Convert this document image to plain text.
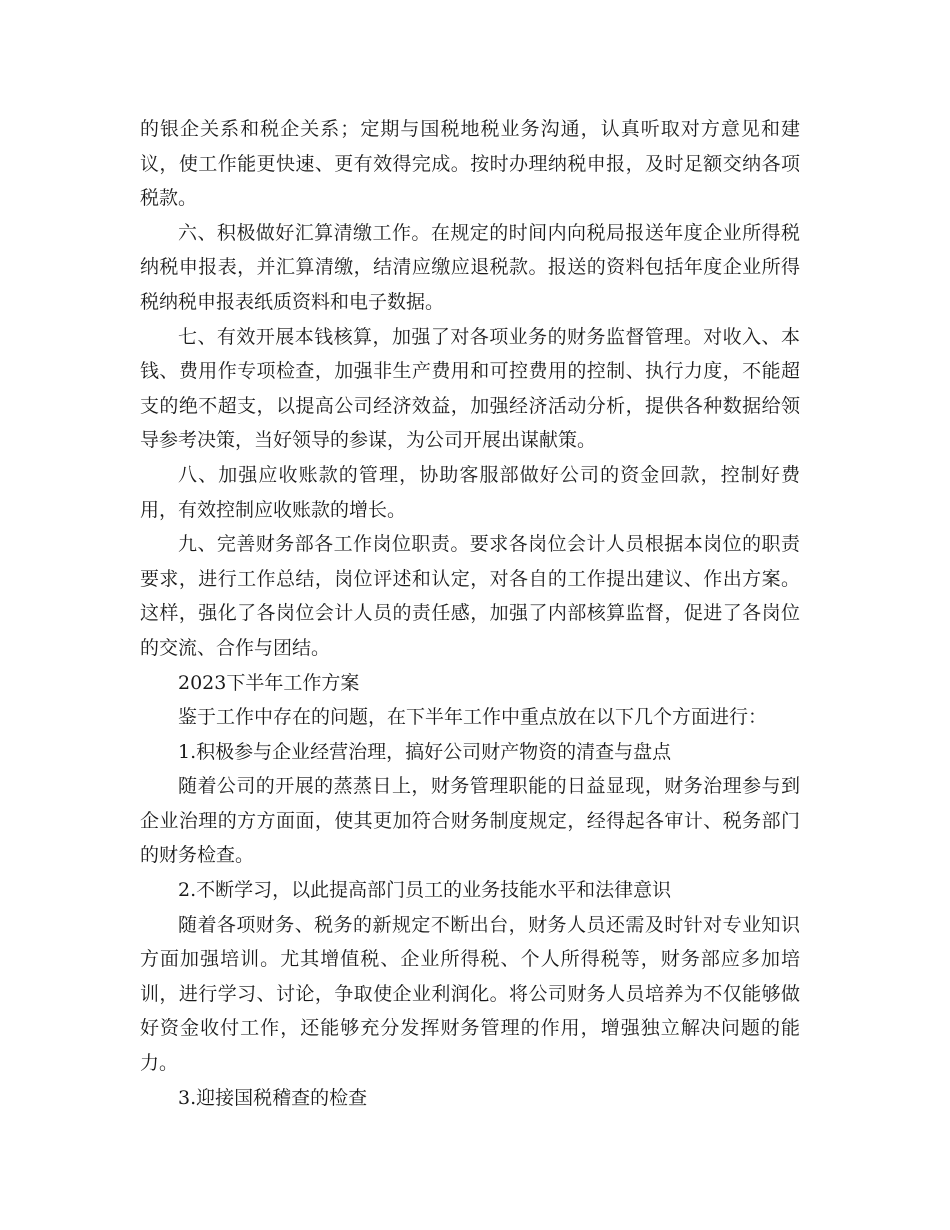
的银企关系和税企关系；定期与国税地税业务沟通，认真听取对方意见和建议，使工作能更快速、更有效得完成。按时办理纳税申报，及时足额交纳各项税款。

六、积极做好汇算清缴工作。在规定的时间内向税局报送年度企业所得税纳税申报表，并汇算清缴，结清应缴应退税款。报送的资料包括年度企业所得税纳税申报表纸质资料和电子数据。

七、有效开展本钱核算，加强了对各项业务的财务监督管理。对收入、本钱、费用作专项检查，加强非生产费用和可控费用的控制、执行力度，不能超支的绝不超支，以提高公司经济效益，加强经济活动分析，提供各种数据给领导参考决策，当好领导的参谋，为公司开展出谋献策。

八、加强应收账款的管理，协助客服部做好公司的资金回款，控制好费用，有效控制应收账款的增长。

九、完善财务部各工作岗位职责。要求各岗位会计人员根据本岗位的职责要求，进行工作总结，岗位评述和认定，对各自的工作提出建议、作出方案。这样，强化了各岗位会计人员的责任感，加强了内部核算监督，促进了各岗位的交流、合作与团结。

2023下半年工作方案

鉴于工作中存在的问题，在下半年工作中重点放在以下几个方面进行：

1.积极参与企业经营治理，搞好公司财产物资的清查与盘点

随着公司的开展的蒸蒸日上，财务管理职能的日益显现，财务治理参与到企业治理的方方面面，使其更加符合财务制度规定，经得起各审计、税务部门的财务检查。

2.不断学习，以此提高部门员工的业务技能水平和法律意识

随着各项财务、税务的新规定不断出台，财务人员还需及时针对专业知识方面加强培训。尤其增值税、企业所得税、个人所得税等，财务部应多加培训，进行学习、讨论，争取使企业利润化。将公司财务人员培养为不仅能够做好资金收付工作，还能够充分发挥财务管理的作用，增强独立解决问题的能力。

3.迎接国税稽查的检查
